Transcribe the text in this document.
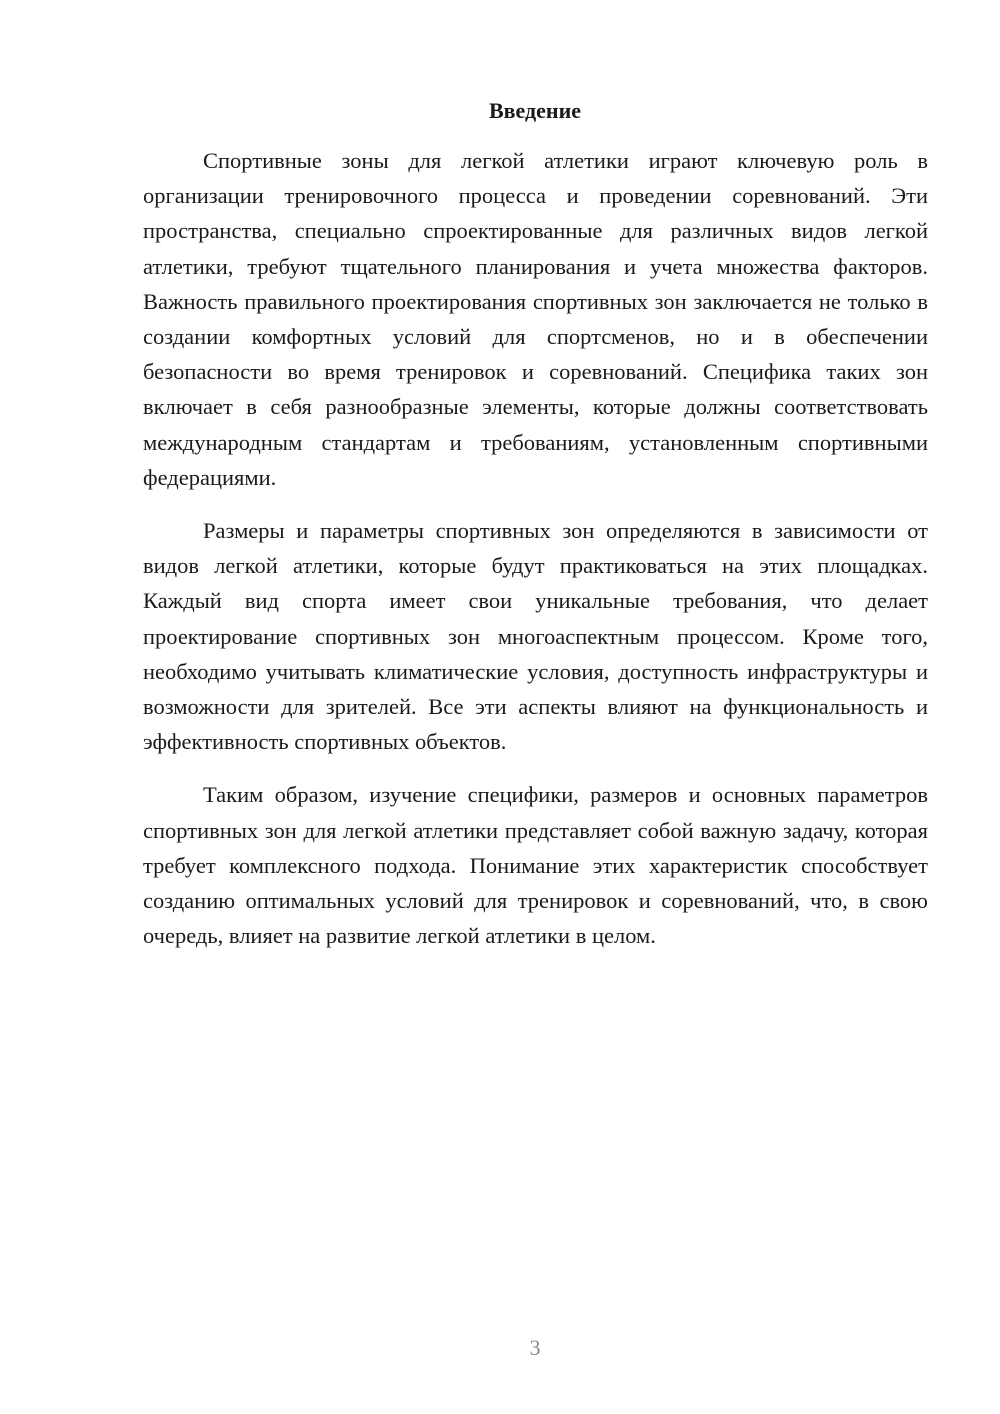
Введение

Спортивные зоны для легкой атлетики играют ключевую роль в организации тренировочного процесса и проведении соревнований. Эти пространства, специально спроектированные для различных видов легкой атлетики, требуют тщательного планирования и учета множества факторов. Важность правильного проектирования спортивных зон заключается не только в создании комфортных условий для спортсменов, но и в обеспечении безопасности во время тренировок и соревнований. Специфика таких зон включает в себя разнообразные элементы, которые должны соответствовать международным стандартам и требованиям, установленным спортивными федерациями.

Размеры и параметры спортивных зон определяются в зависимости от видов легкой атлетики, которые будут практиковаться на этих площадках. Каждый вид спорта имеет свои уникальные требования, что делает проектирование спортивных зон многоаспектным процессом. Кроме того, необходимо учитывать климатические условия, доступность инфраструктуры и возможности для зрителей. Все эти аспекты влияют на функциональность и эффективность спортивных объектов.

Таким образом, изучение специфики, размеров и основных параметров спортивных зон для легкой атлетики представляет собой важную задачу, которая требует комплексного подхода. Понимание этих характеристик способствует созданию оптимальных условий для тренировок и соревнований, что, в свою очередь, влияет на развитие легкой атлетики в целом.

3
